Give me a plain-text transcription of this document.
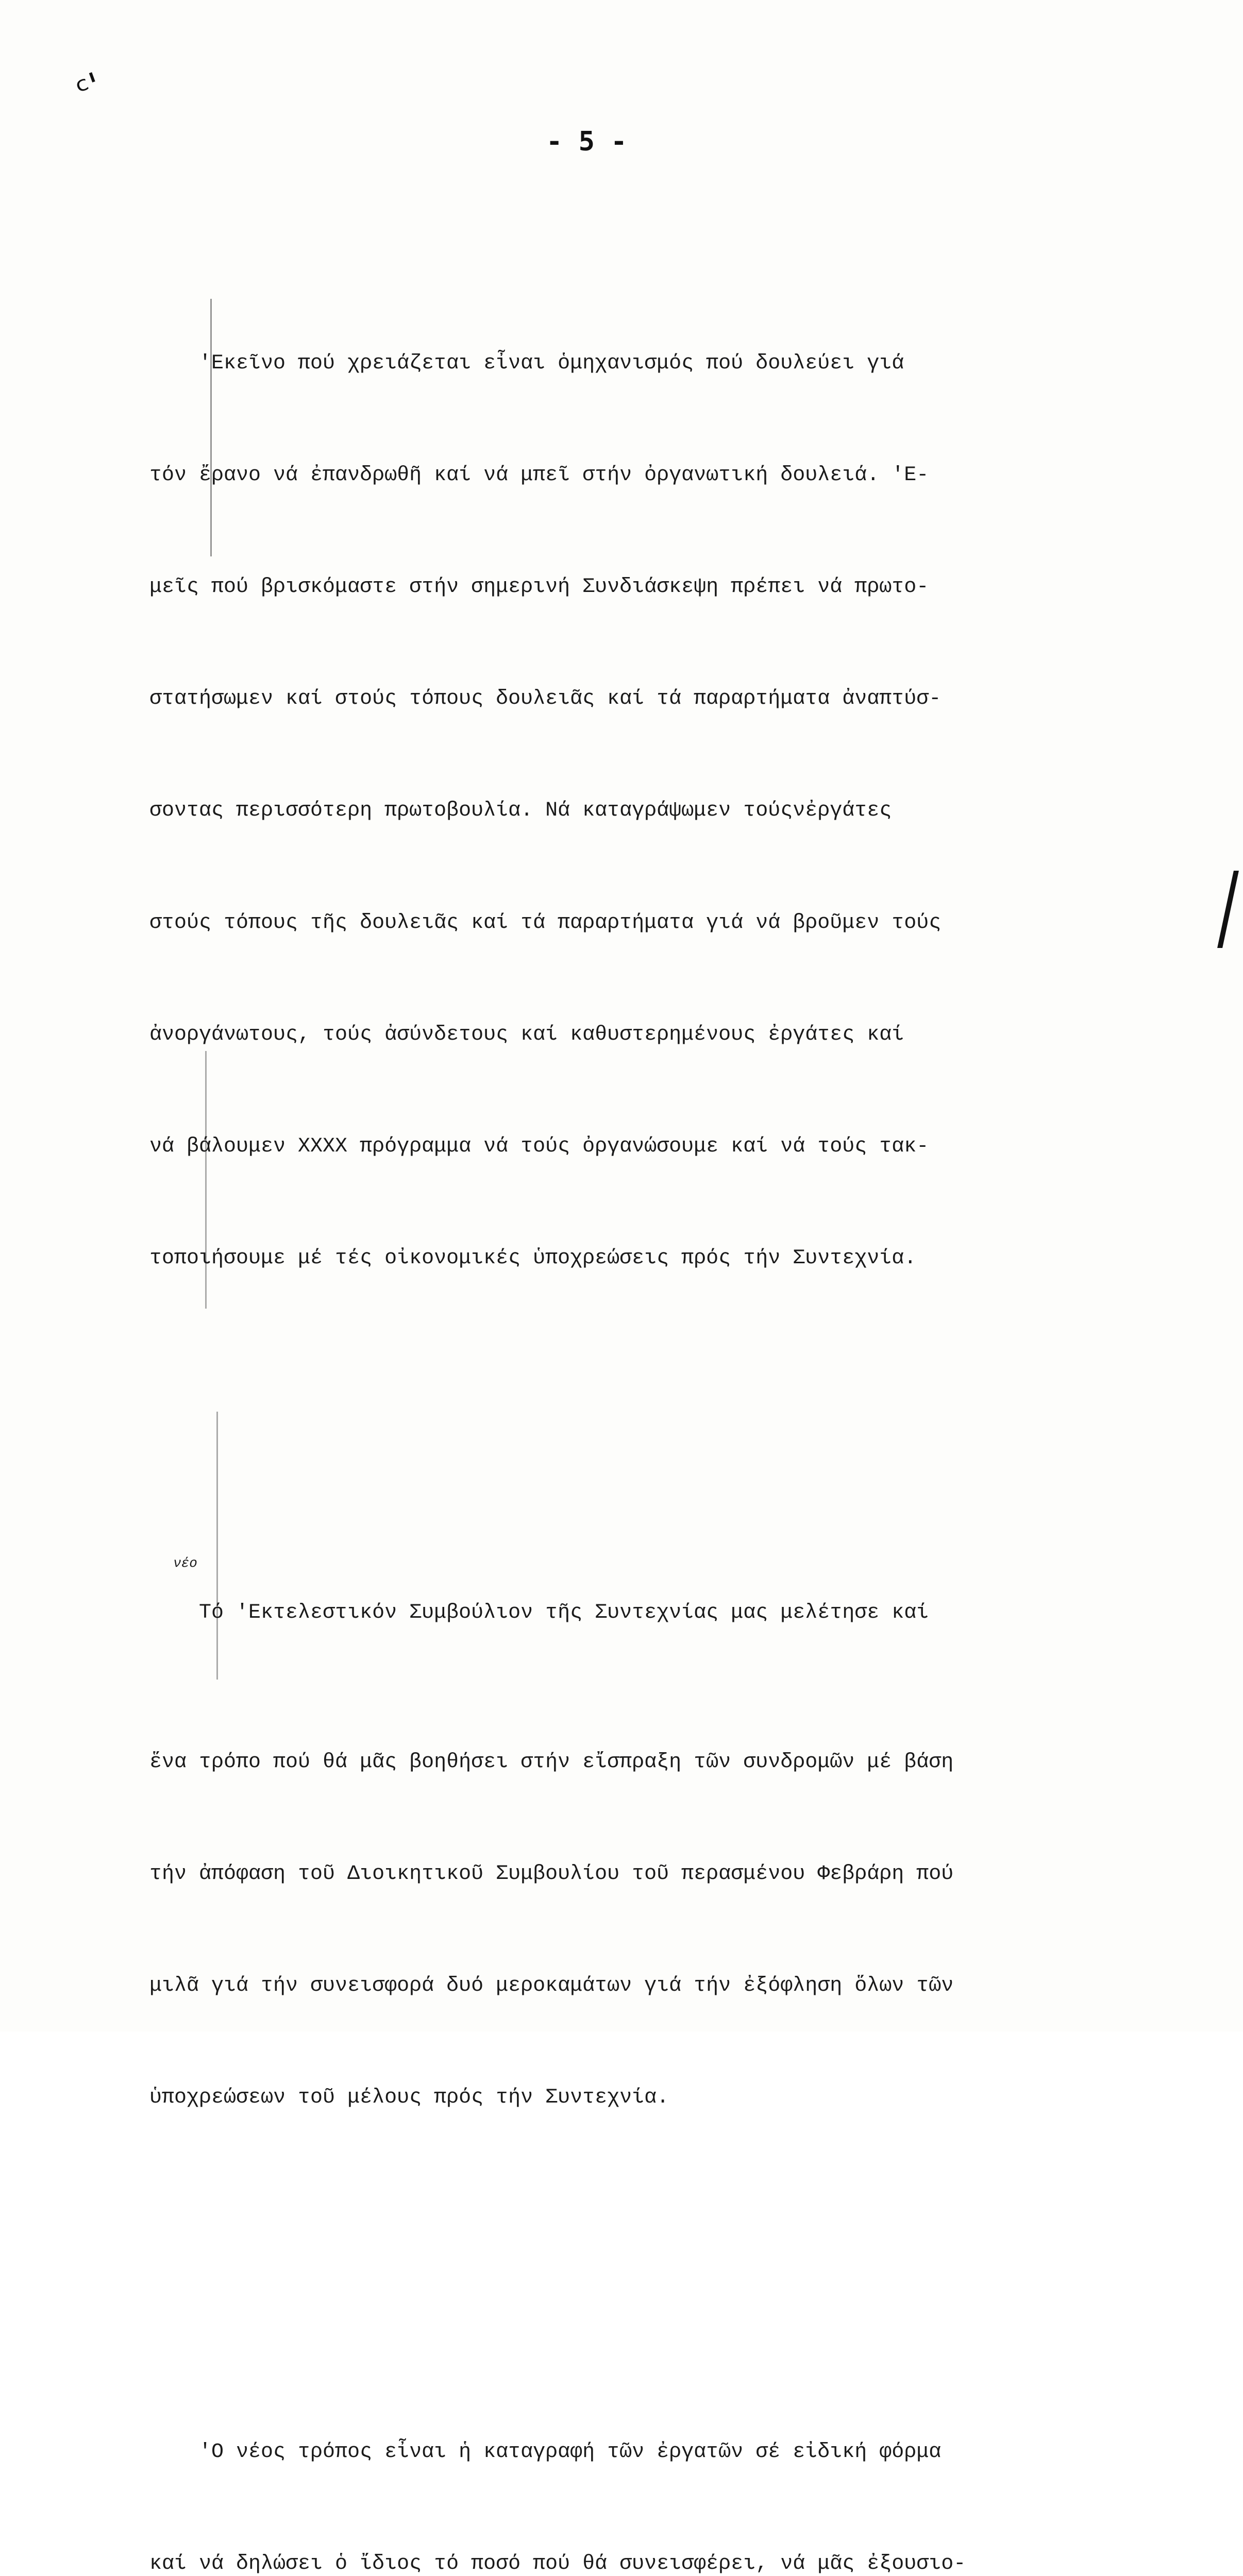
ᶜ'
- 5 -

'Εκεῖνο πού χρειάζεται εἶναι ὁμηχανισμός πού δουλεύει γιά

τόν ἔρανο νά ἐπανδρωθῆ καί νά μπεῖ στήν ὀργανωτική δουλειά. 'Ε-

μεῖς πού βρισκόμαστε στήν σημερινή Συνδιάσκεψη πρέπει νά πρωτο-

στατήσωμεν καί στούς τόπους δουλειᾶς καί τά παραρτήματα ἀναπτύσ-

σοντας περισσότερη πρωτοβουλία. Νά καταγράψωμεν τούςνἐργάτες

στούς τόπους τῆς δουλειᾶς καί τά παραρτήματα γιά νά βροῦμεν τούς

ἀνοργάνωτους, τούς ἀσύνδετους καί καθυστερημένους ἐργάτες καί

νά βάλουμεν ΧΧΧΧ πρόγραμμα νά τούς ὀργανώσουμε καί νά τούς τακ-

τοποιήσουμε μέ τές οἰκονομικές ὑποχρεώσεις πρός τήν Συντεχνία.

Τό 'Εκτελεστικόν Συμβούλιον τῆς Συντεχνίας μας μελέτησε καί

νέο

ἕνα τρόπο πού θά μᾶς βοηθήσει στήν εἴσπραξη τῶν συνδρομῶν μέ βάση

τήν ἀπόφαση τοῦ Διοικητικοῦ Συμβουλίου τοῦ περασμένου Φεβράρη πού

μιλᾶ γιά τήν συνεισφορά δυό μεροκαμάτων γιά τήν ἐξόφληση ὅλων τῶν

ὑποχρεώσεων τοῦ μέλους πρός τήν Συντεχνία.

'Ο νέος τρόπος εἶναι ἡ καταγραφή τῶν ἐργατῶν σέ εἰδική φόρμα

καί νά δηλώσει ὁ ἴδιος τό ποσό πού θά συνεισφέρει, νά μᾶς ἐξουσιο-
